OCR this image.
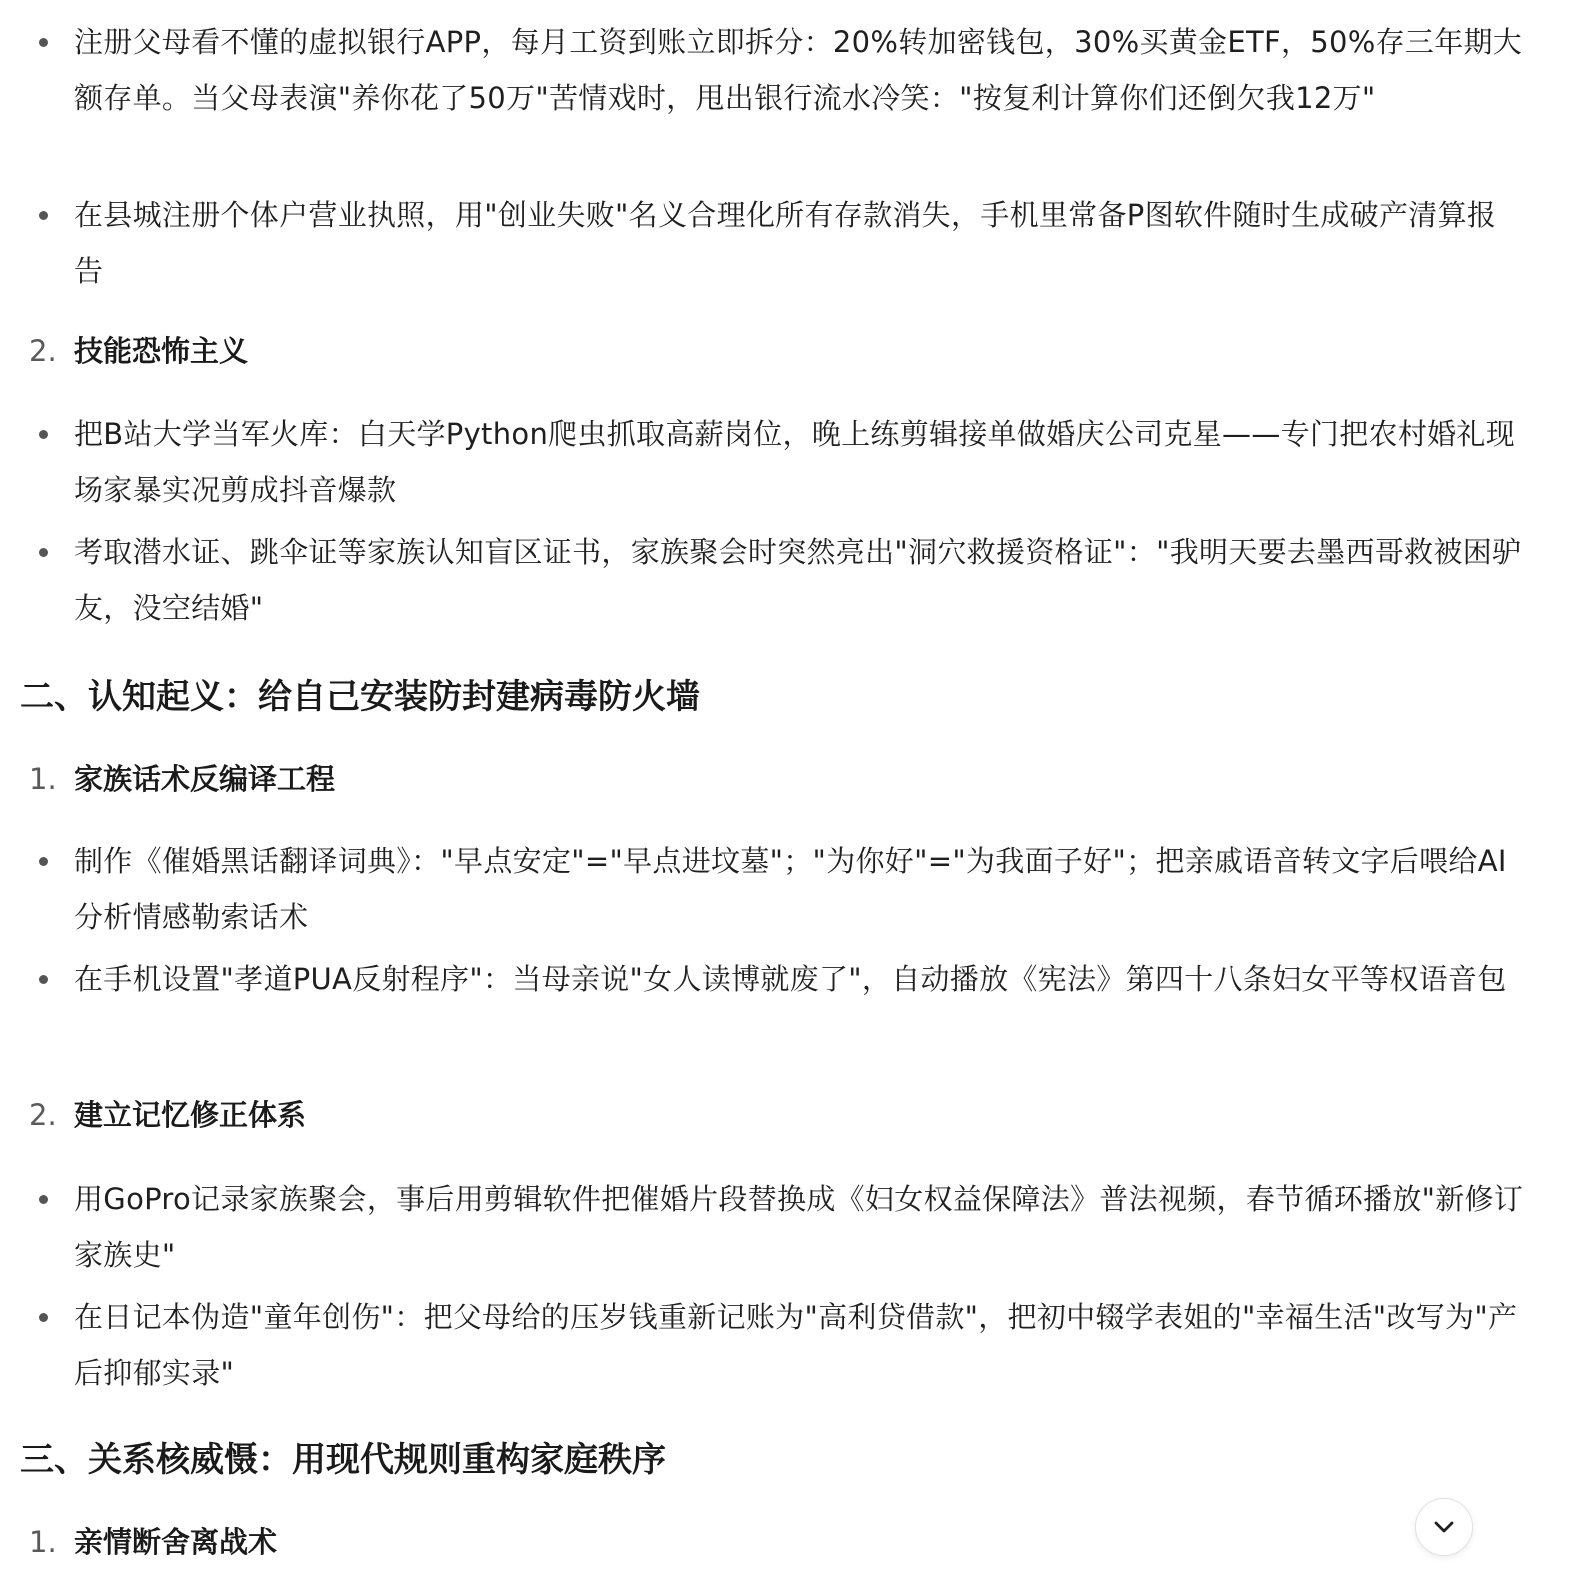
注册父母看不懂的虚拟银行APP，每月工资到账立即拆分：20%转加密钱包，30%买黄金ETF，50%存三年期大额存单。当父母表演"养你花了50万"苦情戏时，甩出银行流水冷笑："按复利计算你们还倒欠我12万"
在县城注册个体户营业执照，用"创业失败"名义合理化所有存款消失，手机里常备P图软件随时生成破产清算报告
2. 技能恐怖主义
把B站大学当军火库：白天学Python爬虫抓取高薪岗位，晚上练剪辑接单做婚庆公司克星——专门把农村婚礼现场家暴实况剪成抖音爆款
考取潜水证、跳伞证等家族认知盲区证书，家族聚会时突然亮出"洞穴救援资格证"："我明天要去墨西哥救被困驴友，没空结婚"
二、认知起义：给自己安装防封建病毒防火墙
1. 家族话术反编译工程
制作《催婚黑话翻译词典》："早点安定"="早点进坟墓"；"为你好"="为我面子好"；把亲戚语音转文字后喂给AI分析情感勒索话术
在手机设置"孝道PUA反射程序"：当母亲说"女人读博就废了"，自动播放《宪法》第四十八条妇女平等权语音包
2. 建立记忆修正体系
用GoPro记录家族聚会，事后用剪辑软件把催婚片段替换成《妇女权益保障法》普法视频，春节循环播放"新修订家族史"
在日记本伪造"童年创伤"：把父母给的压岁钱重新记账为"高利贷借款"，把初中辍学表姐的"幸福生活"改写为"产后抑郁实录"
三、关系核威慑：用现代规则重构家庭秩序
1. 亲情断舍离战术
